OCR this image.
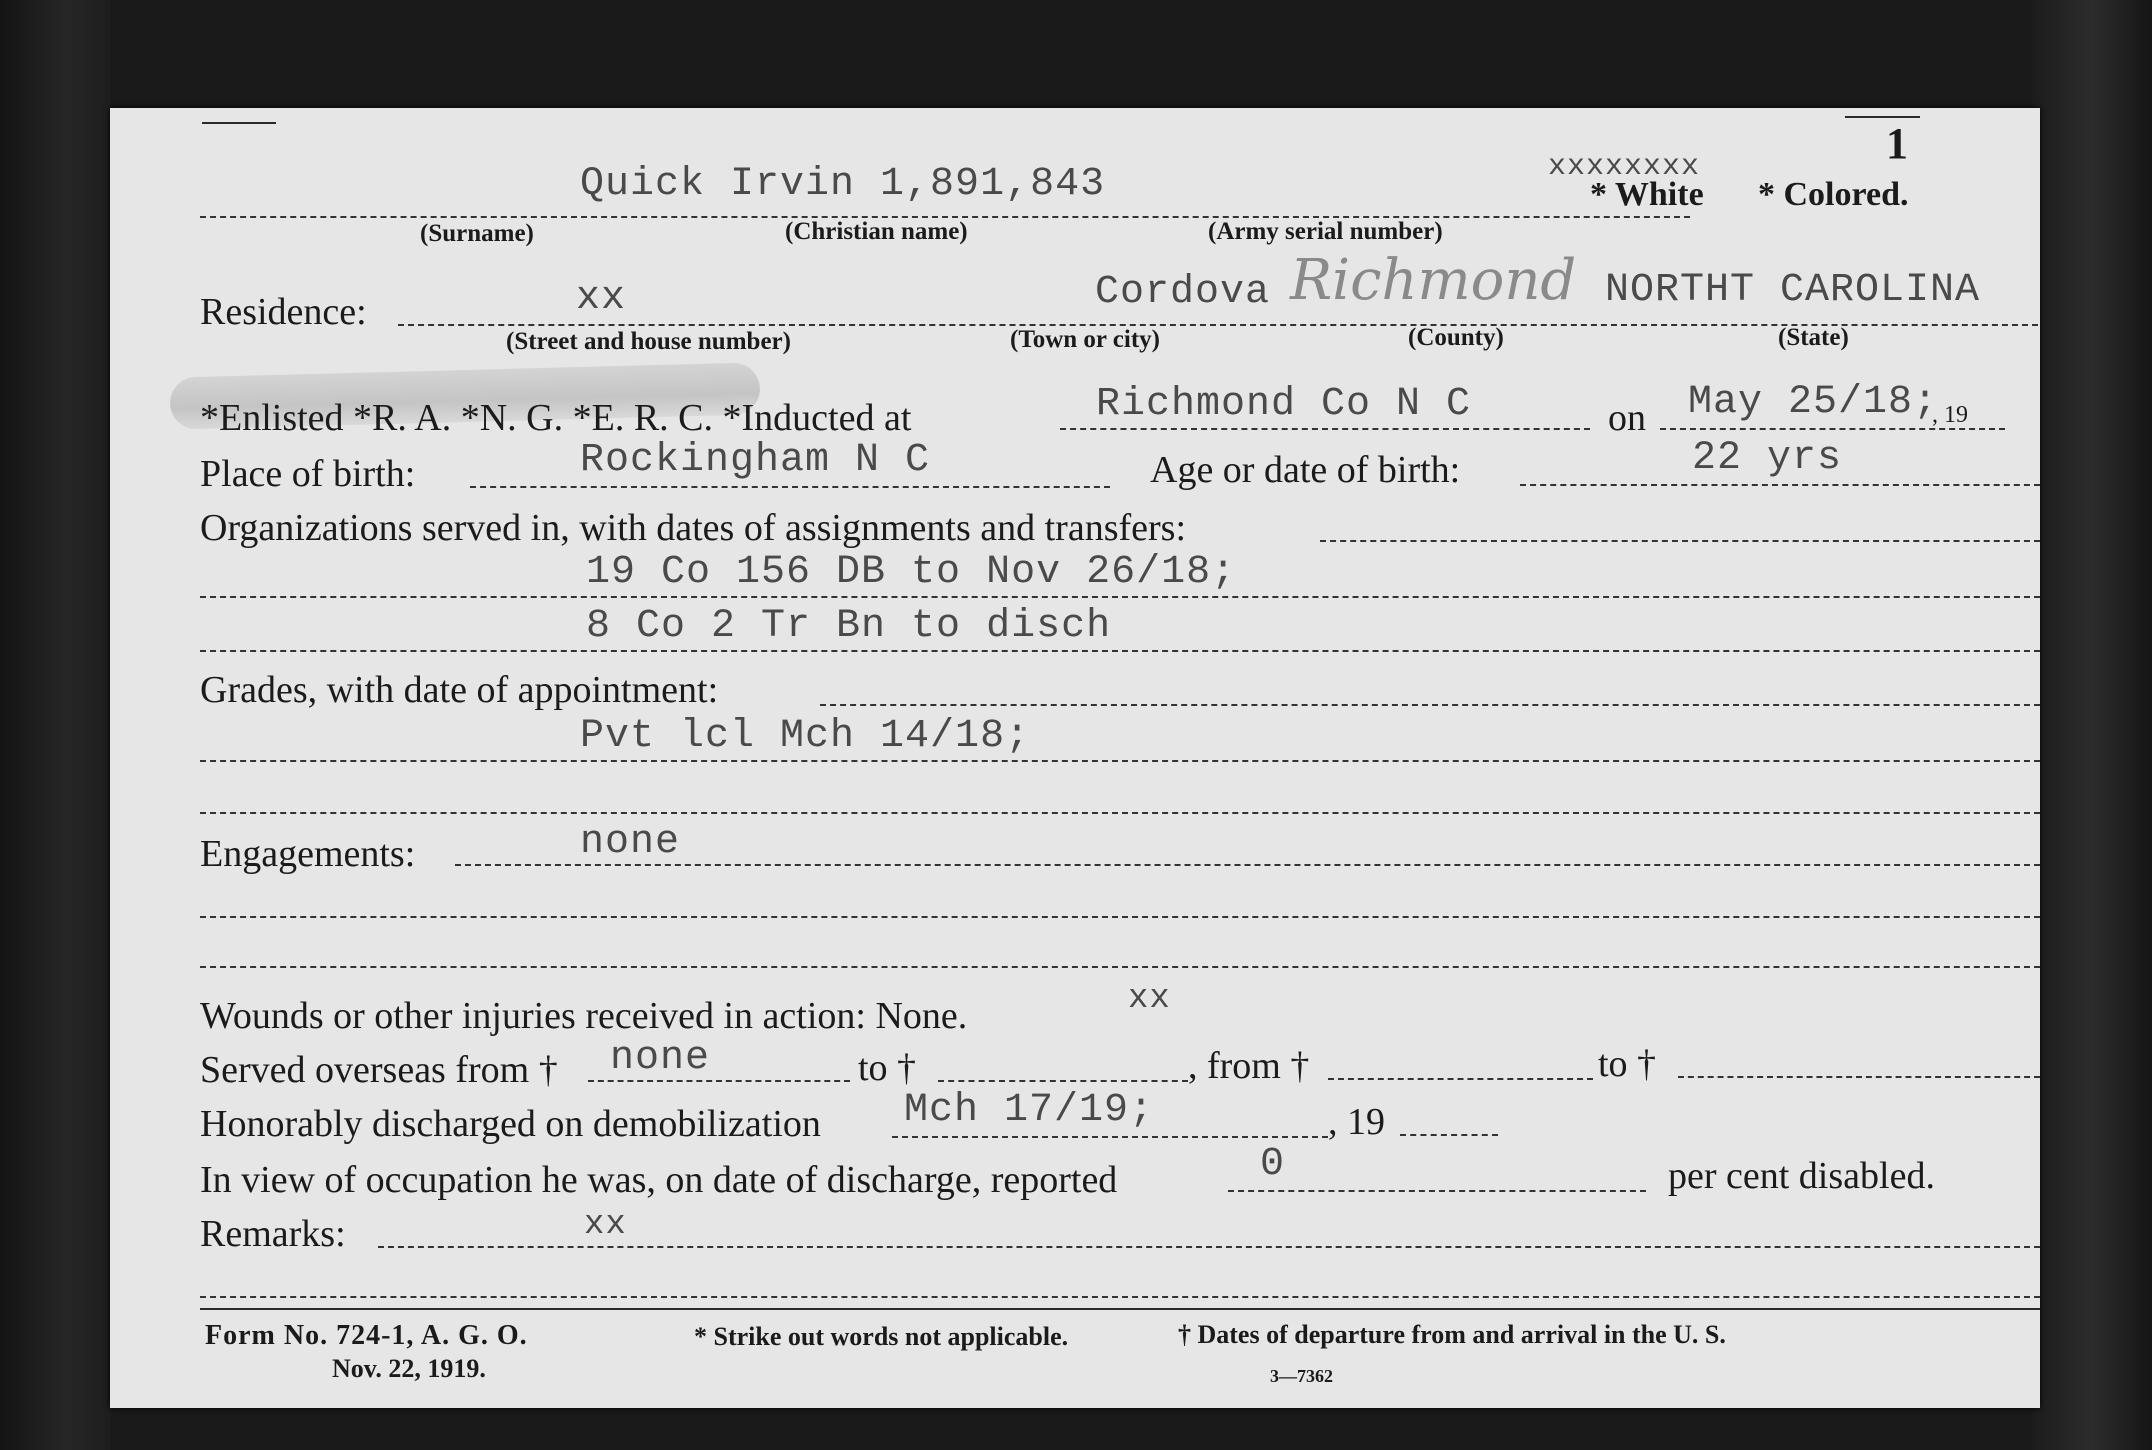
1
Quick Irvin 1,891,843	xxxxxxxx
* White * Colored.
(Surname)	(Christian name)	(Army serial number)
Residence:	xx	Cordova Richmond NORTHT CAROLINA
(Street and house number)	(Town or city)	(County)	(State)
*Enlisted *R. A. *N. G. *E. R. C. *Inducted at	Richmond Co N C	on May 25/18;
, 19
Place of birth:	Rockingham N C	Age or date of birth:	22 yrs
Organizations served in, with dates of assignments and transfers:
19 Co 156 DB to Nov 26/18;
8 Co 2 Tr Bn to disch
Grades, with date of appointment:
Pvt lcl Mch 14/18;
Engagements:	none
Wounds or other injuries received in action: None.	xx
Served overseas from † none	to †	, from †	to †
Honorably discharged on demobilization Mch 17/19;	, 19
In view of occupation he was, on date of discharge, reported	0	per cent disabled.
Remarks:	xx
Form No. 724-1, A. G. O.
Nov. 22, 1919.
* Strike out words not applicable.	† Dates of departure from and arrival in the U. S.
3—7362
